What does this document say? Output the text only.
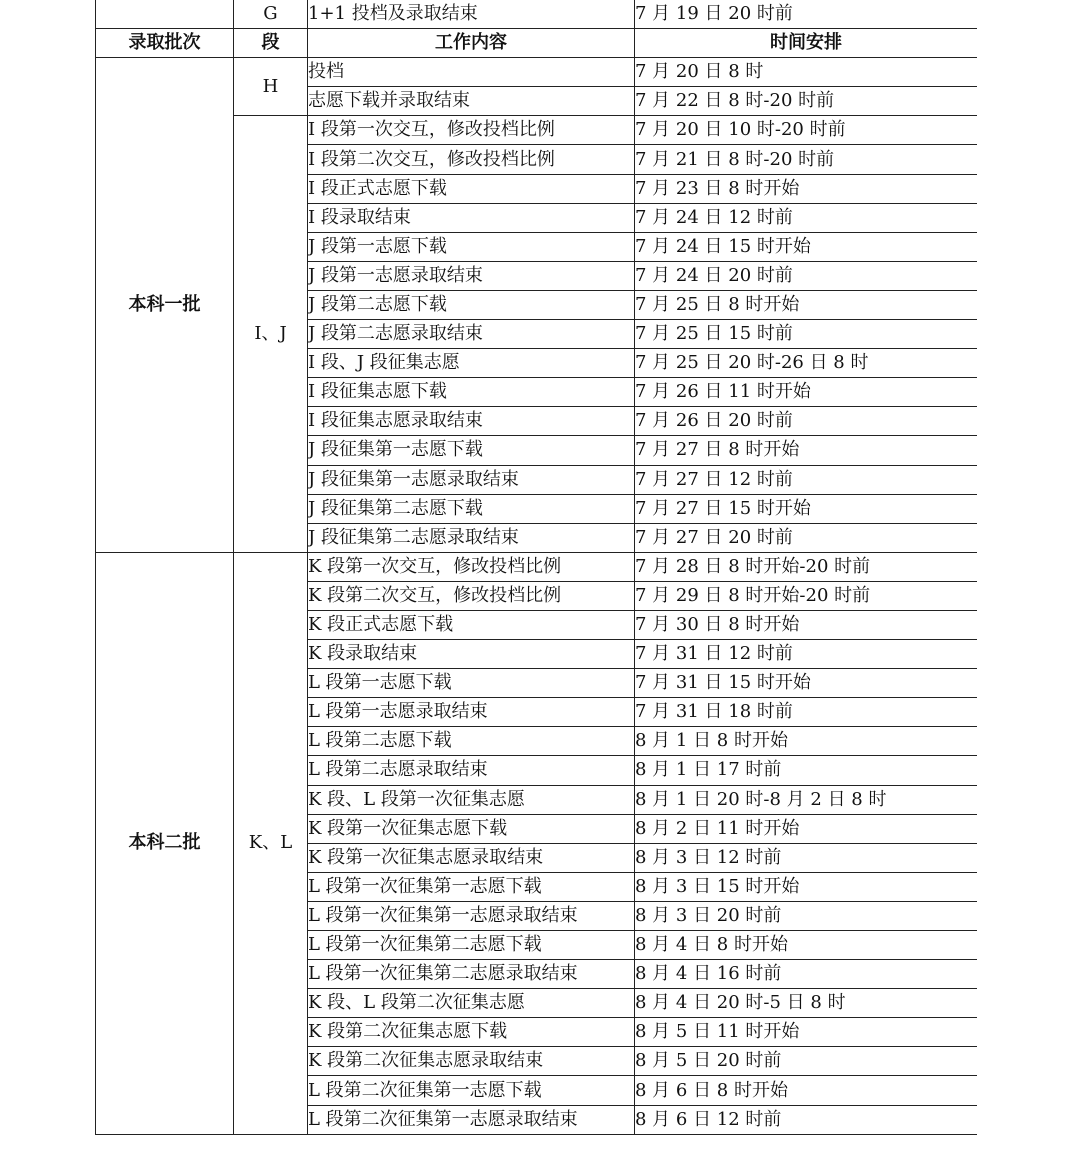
	G	1+1 投档及录取结束	7 月 19 日 20 时前
录取批次	段	工作内容	时间安排
本科一批	H	投档	7 月 20 日 8 时
		志愿下载并录取结束	7 月 22 日 8 时-20 时前
	I、J	I 段第一次交互，修改投档比例	7 月 20 日 10 时-20 时前
		I 段第二次交互，修改投档比例	7 月 21 日 8 时-20 时前
		I 段正式志愿下载	7 月 23 日 8 时开始
		I 段录取结束	7 月 24 日 12 时前
		J 段第一志愿下载	7 月 24 日 15 时开始
		J 段第一志愿录取结束	7 月 24 日 20 时前
		J 段第二志愿下载	7 月 25 日 8 时开始
		J 段第二志愿录取结束	7 月 25 日 15 时前
		I 段、J 段征集志愿	7 月 25 日 20 时-26 日 8 时
		I 段征集志愿下载	7 月 26 日 11 时开始
		I 段征集志愿录取结束	7 月 26 日 20 时前
		J 段征集第一志愿下载	7 月 27 日 8 时开始
		J 段征集第一志愿录取结束	7 月 27 日 12 时前
		J 段征集第二志愿下载	7 月 27 日 15 时开始
		J 段征集第二志愿录取结束	7 月 27 日 20 时前
本科二批	K、L	K 段第一次交互，修改投档比例	7 月 28 日 8 时开始-20 时前
		K 段第二次交互，修改投档比例	7 月 29 日 8 时开始-20 时前
		K 段正式志愿下载	7 月 30 日 8 时开始
		K 段录取结束	7 月 31 日 12 时前
		L 段第一志愿下载	7 月 31 日 15 时开始
		L 段第一志愿录取结束	7 月 31 日 18 时前
		L 段第二志愿下载	8 月 1 日 8 时开始
		L 段第二志愿录取结束	8 月 1 日 17 时前
		K 段、L 段第一次征集志愿	8 月 1 日 20 时-8 月 2 日 8 时
		K 段第一次征集志愿下载	8 月 2 日 11 时开始
		K 段第一次征集志愿录取结束	8 月 3 日 12 时前
		L 段第一次征集第一志愿下载	8 月 3 日 15 时开始
		L 段第一次征集第一志愿录取结束	8 月 3 日 20 时前
		L 段第一次征集第二志愿下载	8 月 4 日 8 时开始
		L 段第一次征集第二志愿录取结束	8 月 4 日 16 时前
		K 段、L 段第二次征集志愿	8 月 4 日 20 时-5 日 8 时
		K 段第二次征集志愿下载	8 月 5 日 11 时开始
		K 段第二次征集志愿录取结束	8 月 5 日 20 时前
		L 段第二次征集第一志愿下载	8 月 6 日 8 时开始
		L 段第二次征集第一志愿录取结束	8 月 6 日 12 时前
